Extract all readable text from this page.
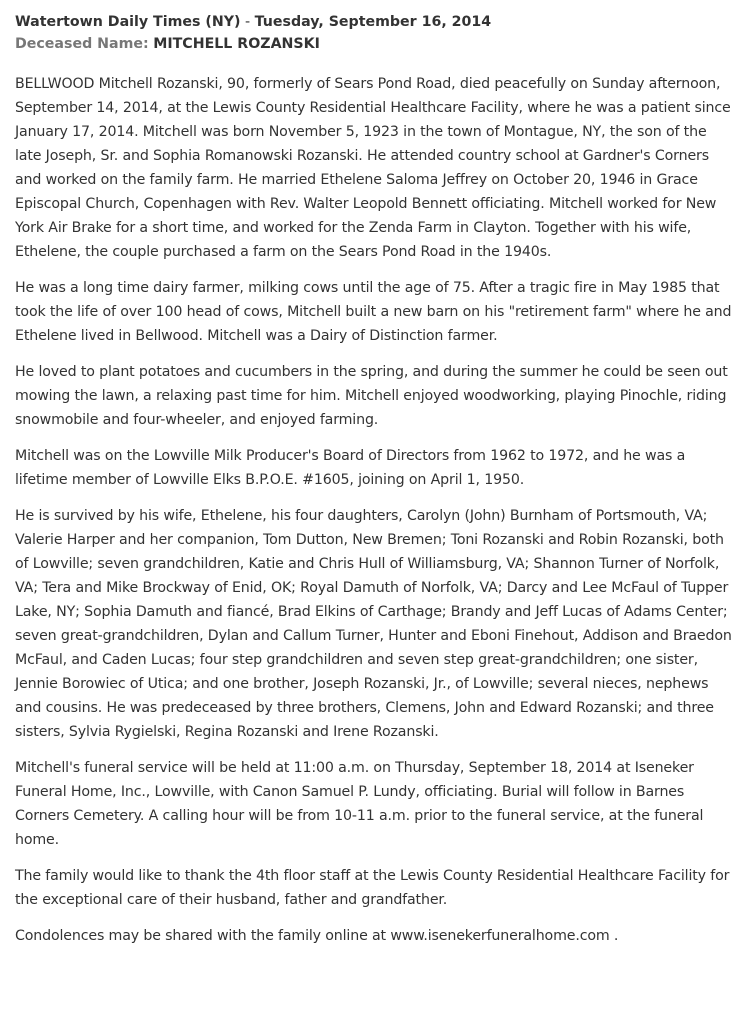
Watertown Daily Times (NY) - Tuesday, September 16, 2014
Deceased Name: MITCHELL ROZANSKI

BELLWOOD Mitchell Rozanski, 90, formerly of Sears Pond Road, died peacefully on Sunday afternoon, September 14, 2014, at the Lewis County Residential Healthcare Facility, where he was a patient since January 17, 2014. Mitchell was born November 5, 1923 in the town of Montague, NY, the son of the late Joseph, Sr. and Sophia Romanowski Rozanski. He attended country school at Gardner's Corners and worked on the family farm. He married Ethelene Saloma Jeffrey on October 20, 1946 in Grace Episcopal Church, Copenhagen with Rev. Walter Leopold Bennett officiating. Mitchell worked for New York Air Brake for a short time, and worked for the Zenda Farm in Clayton. Together with his wife, Ethelene, the couple purchased a farm on the Sears Pond Road in the 1940s.

He was a long time dairy farmer, milking cows until the age of 75. After a tragic fire in May 1985 that took the life of over 100 head of cows, Mitchell built a new barn on his "retirement farm" where he and Ethelene lived in Bellwood. Mitchell was a Dairy of Distinction farmer.

He loved to plant potatoes and cucumbers in the spring, and during the summer he could be seen out mowing the lawn, a relaxing past time for him. Mitchell enjoyed woodworking, playing Pinochle, riding snowmobile and four-wheeler, and enjoyed farming.

Mitchell was on the Lowville Milk Producer's Board of Directors from 1962 to 1972, and he was a lifetime member of Lowville Elks B.P.O.E. #1605, joining on April 1, 1950.

He is survived by his wife, Ethelene, his four daughters, Carolyn (John) Burnham of Portsmouth, VA; Valerie Harper and her companion, Tom Dutton, New Bremen; Toni Rozanski and Robin Rozanski, both of Lowville; seven grandchildren, Katie and Chris Hull of Williamsburg, VA; Shannon Turner of Norfolk, VA; Tera and Mike Brockway of Enid, OK; Royal Damuth of Norfolk, VA; Darcy and Lee McFaul of Tupper Lake, NY; Sophia Damuth and fiancé, Brad Elkins of Carthage; Brandy and Jeff Lucas of Adams Center; seven great-grandchildren, Dylan and Callum Turner, Hunter and Eboni Finehout, Addison and Braedon McFaul, and Caden Lucas; four step grandchildren and seven step great-grandchildren; one sister, Jennie Borowiec of Utica; and one brother, Joseph Rozanski, Jr., of Lowville; several nieces, nephews and cousins. He was predeceased by three brothers, Clemens, John and Edward Rozanski; and three sisters, Sylvia Rygielski, Regina Rozanski and Irene Rozanski.

Mitchell's funeral service will be held at 11:00 a.m. on Thursday, September 18, 2014 at Iseneker Funeral Home, Inc., Lowville, with Canon Samuel P. Lundy, officiating. Burial will follow in Barnes Corners Cemetery. A calling hour will be from 10-11 a.m. prior to the funeral service, at the funeral home.

The family would like to thank the 4th floor staff at the Lewis County Residential Healthcare Facility for the exceptional care of their husband, father and grandfather.

Condolences may be shared with the family online at www.isenekerfuneralhome.com .
